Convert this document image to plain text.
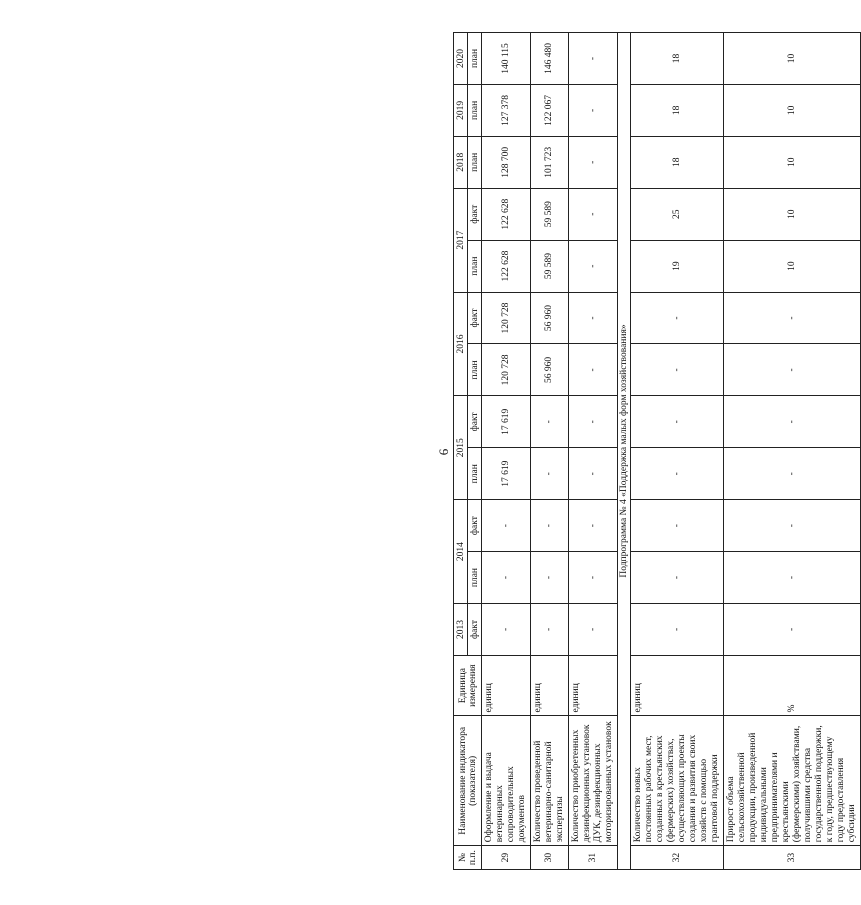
6
№ п.п.	Наименование индикатора (показателя)	Единица измерения	2013	2014		2015		2016		2017		2018	2019	2020
			факт	план	факт	план	факт	план	факт	план	факт	план	план	план
29	Оформление и выдача ветеринарных сопроводительных документов	единиц	-	-	-	17 619	17 619	120 728	120 728	122 628	122 628	128 700	127 378	140 115
30	Количество проведенной ветеринарно-санитарной экспертизы	единиц	-	-	-	-	-	56 960	56 960	59 589	59 589	101 723	122 067	146 480
31	Количество приобретенных дезинфекционных установок ДУК, дезинфекционных моторизированных установок	единиц	-	-	-	-	-	-	-	-	-	-	-	-
Подпрограмма № 4 «Поддержка малых форм хозяйствования»														
32	Количество новых постоянных рабочих мест, созданных в крестьянских (фермерских) хозяйствах, осуществляющих проекты создания и развития своих хозяйств с помощью грантовой поддержки	единиц	-	-	-	-	-	-	-	19	25	18	18	18
33	Прирост объема сельскохозяйственной продукции, произведенной индивидуальными предпринимателями и крестьянскими (фермерскими) хозяйствами, получившими средства государственной поддержки, к году, предшествующему году предоставления субсидии	%	-	-	-	-	-	-	-	10	10	10	10	10
